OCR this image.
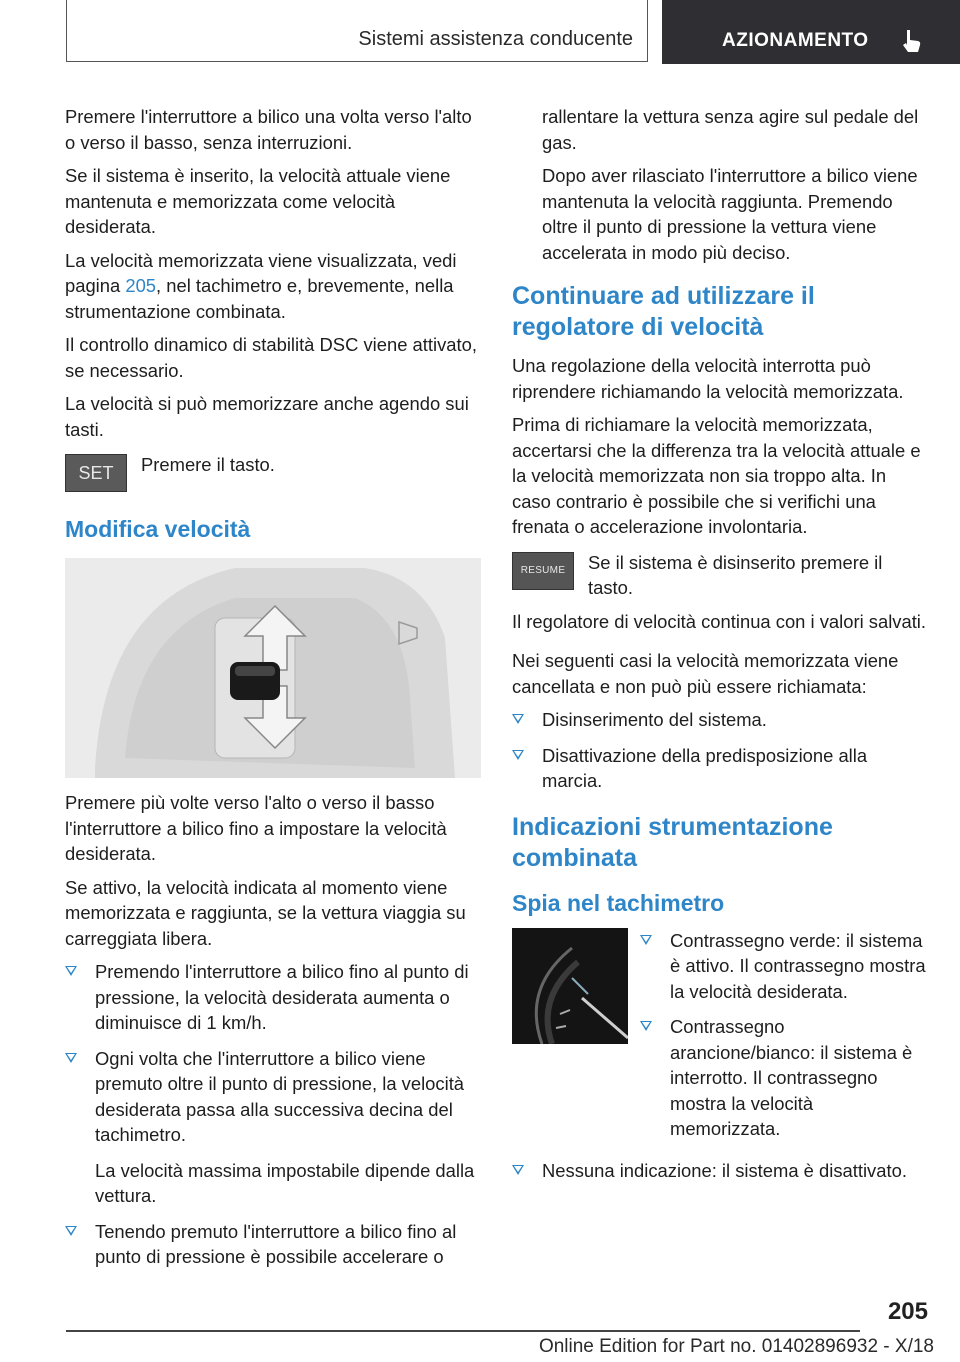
Sistemi assistenza conducente	AZIONAMENTO

Premere l'interruttore a bilico una volta verso l'alto o verso il basso, senza interruzioni.

Se il sistema è inserito, la velocità attuale viene mantenuta e memorizzata come velocità desiderata.

La velocità memorizzata viene visualizzata, vedi pagina 205, nel tachimetro e, brevemente, nella strumentazione combinata.

Il controllo dinamico di stabilità DSC viene attivato, se necessario.

La velocità si può memorizzare anche agendo sui tasti.

SET	Premere il tasto.
Modifica velocità

Premere più volte verso l'alto o verso il basso l'interruttore a bilico fino a impostare la velocità desiderata.

Se attivo, la velocità indicata al momento viene memorizzata e raggiunta, se la vettura viaggia su carreggiata libera.

Premendo l'interruttore a bilico fino al punto di pressione, la velocità desiderata aumenta o diminuisce di 1 km/h.
Ogni volta che l'interruttore a bilico viene premuto oltre il punto di pressione, la velocità desiderata passa alla successiva decina del tachimetro.

La velocità massima impostabile dipende dalla vettura.

Tenendo premuto l'interruttore a bilico fino al punto di pressione è possibile accelerare o

rallentare la vettura senza agire sul pedale del gas.

Dopo aver rilasciato l'interruttore a bilico viene mantenuta la velocità raggiunta. Premendo oltre il punto di pressione la vettura viene accelerata in modo più deciso.

Continuare ad utilizzare il regolatore di velocità

Una regolazione della velocità interrotta può riprendere richiamando la velocità memorizzata.

Prima di richiamare la velocità memorizzata, accertarsi che la differenza tra la velocità attuale e la velocità memorizzata non sia troppo alta. In caso contrario è possibile che si verifichi una frenata o accelerazione involontaria.

RESUME	Se il sistema è disinserito premere il tasto.

Il regolatore di velocità continua con i valori salvati.

Nei seguenti casi la velocità memorizzata viene cancellata e non può più essere richiamata:

Disinserimento del sistema.
Disattivazione della predisposizione alla marcia.
Indicazioni strumentazione combinata
Spia nel tachimetro
Contrassegno verde: il sistema è attivo. Il contrassegno mostra la velocità desiderata.
Contrassegno arancione/bianco: il sistema è interrotto. Il contrassegno mostra la velocità memorizzata.
Nessuna indicazione: il sistema è disattivato.
205
Online Edition for Part no. 01402896932 - X/18
